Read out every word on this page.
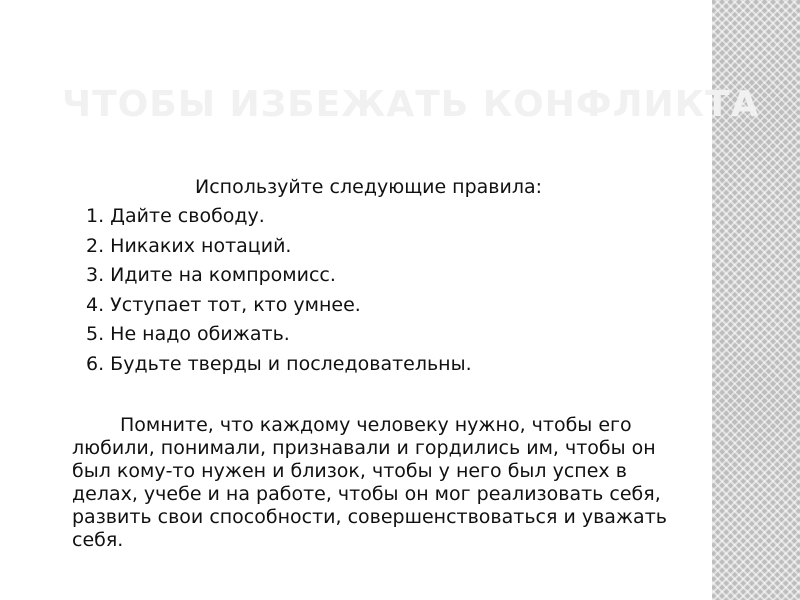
ЧТОБЫ ИЗБЕЖАТЬ КОНФЛИКТА
Используйте следующие правила:
1. Дайте свободу.
2. Никаких нотаций.
3. Идите на компромисс.
4. Уступает тот, кто умнее.
5. Не надо обижать.
6. Будьте тверды и последовательны.

Помните, что каждому человеку нужно, чтобы его любили, понимали, признавали и гордились им, чтобы он был кому-то нужен и близок, чтобы у него был успех в делах, учебе и на работе, чтобы он мог реализовать себя, развить свои способности, совершенствоваться и уважать себя.
